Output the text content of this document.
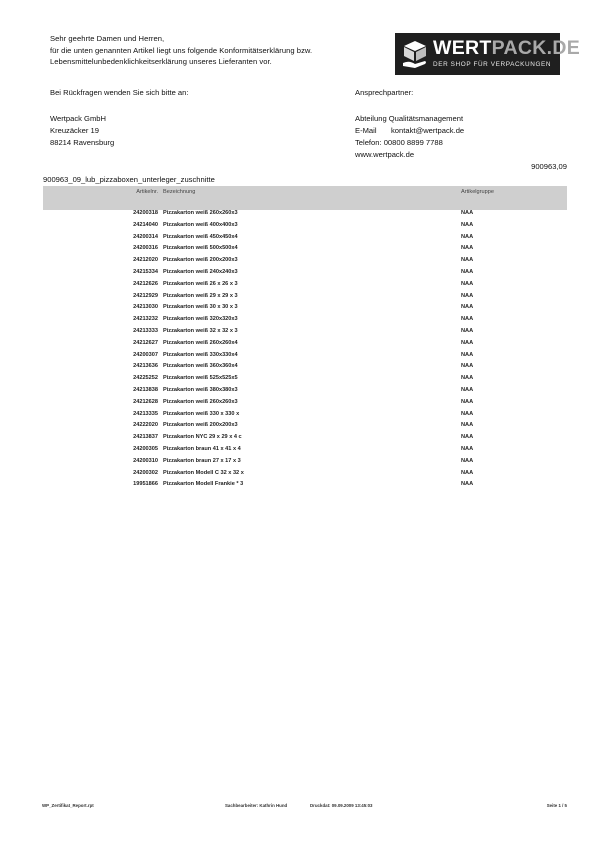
Sehr geehrte Damen und Herren,
für die unten genannten Artikel liegt uns folgende Konformitätserklärung bzw.
Lebensmittelunbedenklichkeitserklärung unseres Lieferanten vor.
WERTPACK.DE
DER SHOP FÜR VERPACKUNGEN
Bei Rückfragen wenden Sie sich bitte an:	Ansprechpartner:
Wertpack GmbH
Kreuzäcker 19
88214 Ravensburg
Abteilung Qualitätsmanagement
E-Mail kontakt@wertpack.de
Telefon: 00800 8899 7788
www.wertpack.de
900963,09
900963_09_lub_pizzaboxen_unterleger_zuschnitte
Artikelnr. Bezeichnung	Artikelgruppe
24200318 Pizzakarton weiß 260x260x3	NAA
24214040 Pizzakarton weiß 400x400x3	NAA
24200314 Pizzakarton weiß 450x450x4	NAA
24200316 Pizzakarton weiß 500x500x4	NAA
24212020 Pizzakarton weiß 200x200x3	NAA
24215334 Pizzakarton weiß 240x240x3	NAA
24212626 Pizzakarton weiß 26 x 26 x 3	NAA
24212929 Pizzakarton weiß 29 x 29 x 3	NAA
24213030 Pizzakarton weiß 30 x 30 x 3	NAA
24213232 Pizzakarton weiß 320x320x3	NAA
24213333 Pizzakarton weiß 32 x 32 x 3	NAA
24212627 Pizzakarton weiß 260x260x4	NAA
24200307 Pizzakarton weiß 330x330x4	NAA
24213636 Pizzakarton weiß 360x360x4	NAA
24225252 Pizzakarton weiß 525x525x5	NAA
24213838 Pizzakarton weiß 380x380x3	NAA
24212628 Pizzakarton weiß 260x260x3	NAA
24213335 Pizzakarton weiß 330 x 330 x	NAA
24222020 Pizzakarton weiß 200x200x3	NAA
24213837 Pizzakarton NYC 29 x 29 x 4 c	NAA
24200305 Pizzakarton braun 41 x 41 x 4	NAA
24200310 Pizzakarton braun 27 x 17 x 3	NAA
24200302 Pizzakarton Modell C 32 x 32 x	NAA
19951866 Pizzakarton Modell Frankie * 3	NAA
WP_Zertifikat_Report.rpt	Sachbearbeiter: Kathrin Hund	Druckdat: 09.09.2009 13:45:03	Seite 1 / 5
